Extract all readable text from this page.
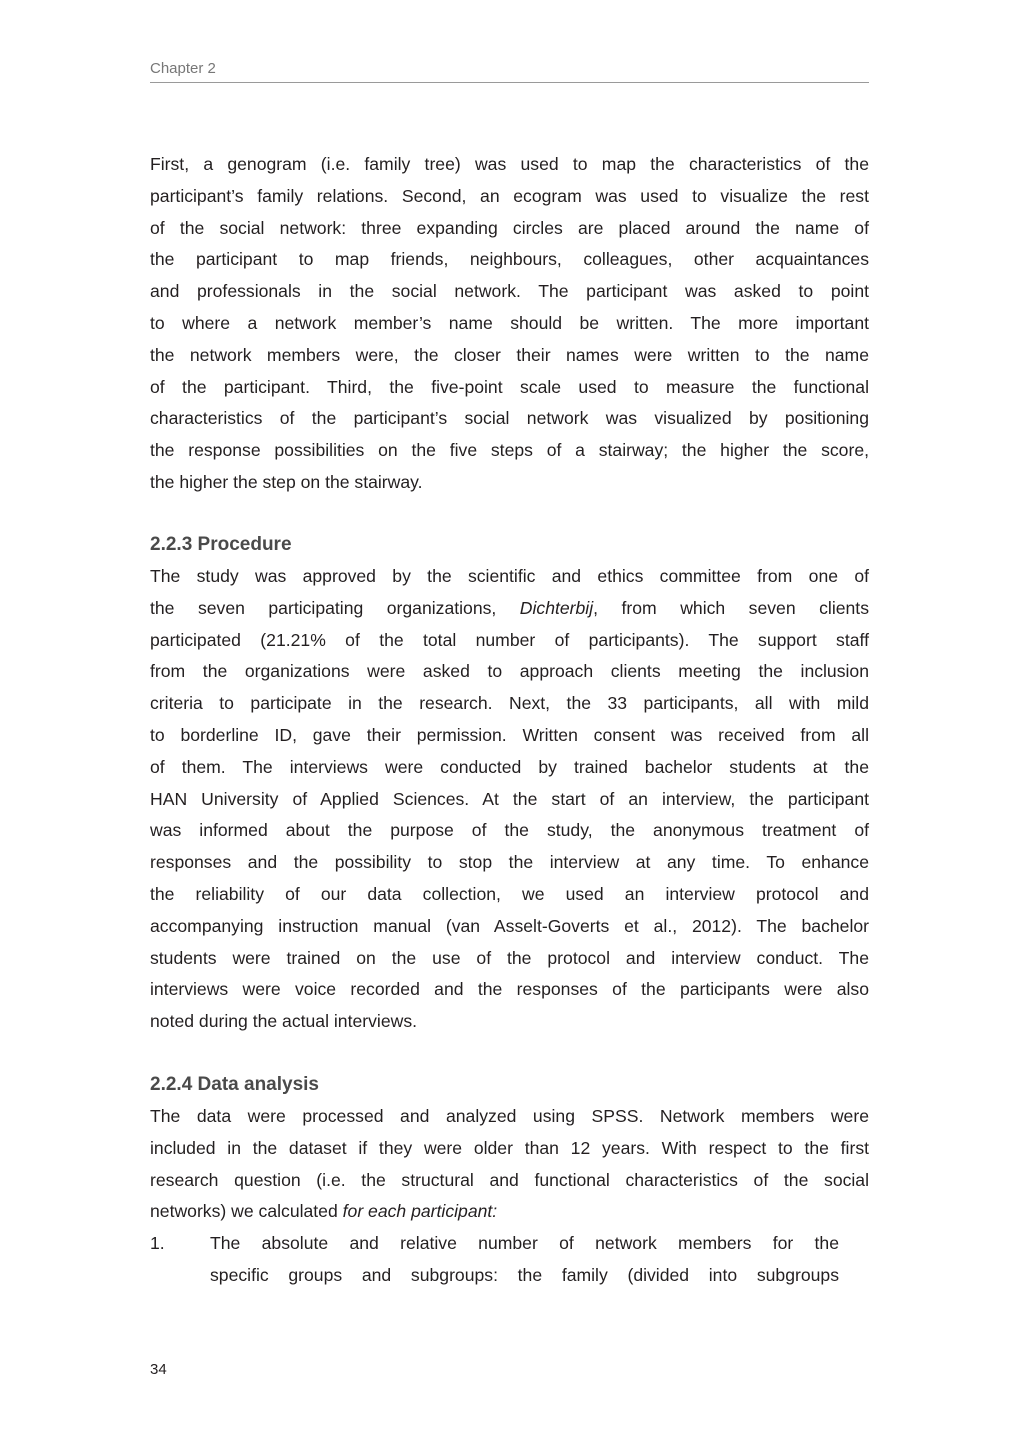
Chapter 2
First, a genogram (i.e. family tree) was used to map the characteristics of the
participant’s family relations. Second, an ecogram was used to visualize the rest
of the social network: three expanding circles are placed around the name of
the participant to map friends, neighbours, colleagues, other acquaintances
and professionals in the social network. The participant was asked to point
to where a network member’s name should be written. The more important
the network members were, the closer their names were written to the name
of the participant. Third, the five-point scale used to measure the functional
characteristics of the participant’s social network was visualized by positioning
the response possibilities on the five steps of a stairway; the higher the score,
the higher the step on the stairway.
2.2.3 Procedure
The study was approved by the scientific and ethics committee from one of
the seven participating organizations, Dichterbij, from which seven clients
participated (21.21% of the total number of participants). The support staff
from the organizations were asked to approach clients meeting the inclusion
criteria to participate in the research. Next, the 33 participants, all with mild
to borderline ID, gave their permission. Written consent was received from all
of them. The interviews were conducted by trained bachelor students at the
HAN University of Applied Sciences. At the start of an interview, the participant
was informed about the purpose of the study, the anonymous treatment of
responses and the possibility to stop the interview at any time. To enhance
the reliability of our data collection, we used an interview protocol and
accompanying instruction manual (van Asselt-Goverts et al., 2012). The bachelor
students were trained on the use of the protocol and interview conduct. The
interviews were voice recorded and the responses of the participants were also
noted during the actual interviews.
2.2.4 Data analysis
The data were processed and analyzed using SPSS. Network members were
included in the dataset if they were older than 12 years. With respect to the first
research question (i.e. the structural and functional characteristics of the social
networks) we calculated for each participant:
1.	The absolute and relative number of network members for the
specific groups and subgroups: the family (divided into subgroups
34
